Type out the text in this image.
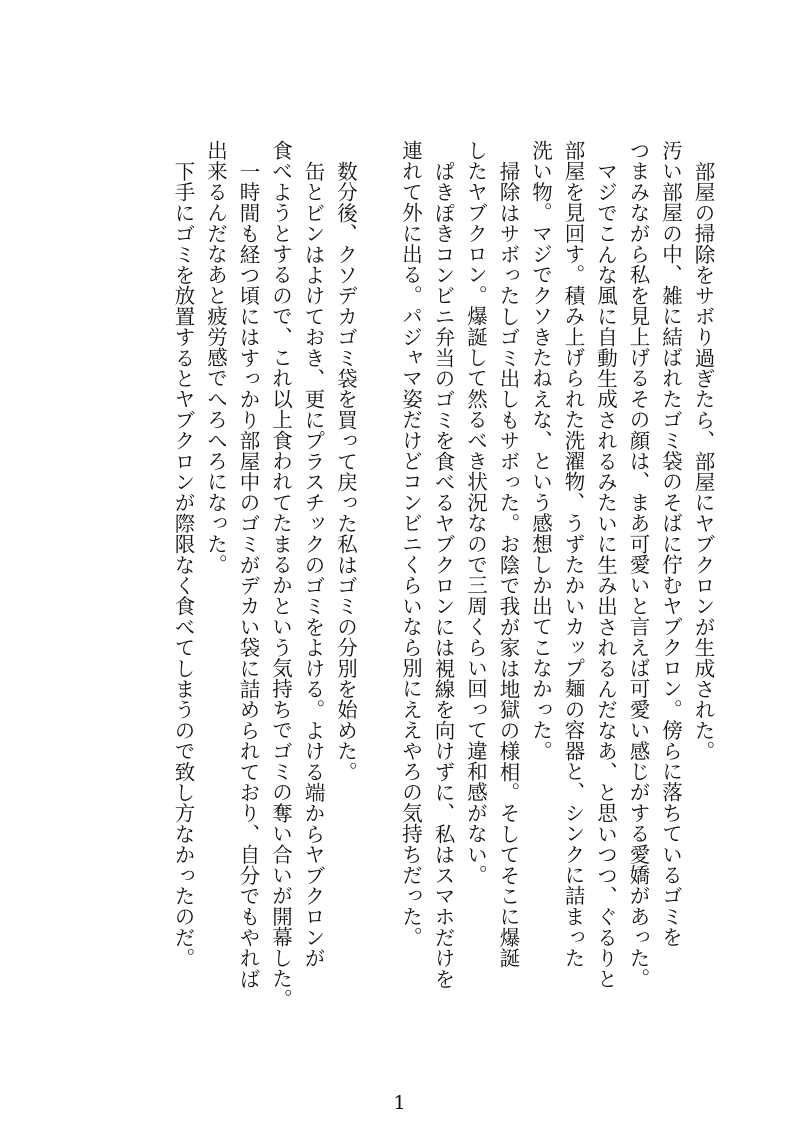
部屋の掃除をサボり過ぎたら、部屋にヤブクロンが生成された。

汚い部屋の中、雑に結ばれたゴミ袋のそばに佇むヤブクロン。傍らに落ちているゴミを
つまみながら私を見上げるその顔は、まあ可愛いと言えば可愛い感じがする愛嬌があった。

マジでこんな風に自動生成されるみたいに生み出されるんだなあ、と思いつつ、ぐるりと
部屋を見回す。積み上げられた洗濯物、うずたかいカップ麺の容器と、シンクに詰まった
洗い物。マジでクソきたねえな、という感想しか出てこなかった。

掃除はサボったしゴミ出しもサボった。お陰で我が家は地獄の様相。そしてそこに爆誕
したヤブクロン。爆誕して然るべき状況なので三周くらい回って違和感がない。

ぱきぽきコンビニ弁当のゴミを食べるヤブクロンには視線を向けずに、私はスマホだけを
連れて外に出る。パジャマ姿だけどコンビニくらいなら別にええやろの気持ちだった。

数分後、クソデカゴミ袋を買って戻った私はゴミの分別を始めた。

缶とビンはよけておき、更にプラスチックのゴミをよける。よける端からヤブクロンが
食べようとするので、これ以上食われてたまるかという気持ちでゴミの奪い合いが開幕した。

一時間も経つ頃にはすっかり部屋中のゴミがデカい袋に詰められており、自分でもやれば
出来るんだなあと疲労感でへろへろになった。

下手にゴミを放置するとヤブクロンが際限なく食べてしまうので致し方なかったのだ。

1
